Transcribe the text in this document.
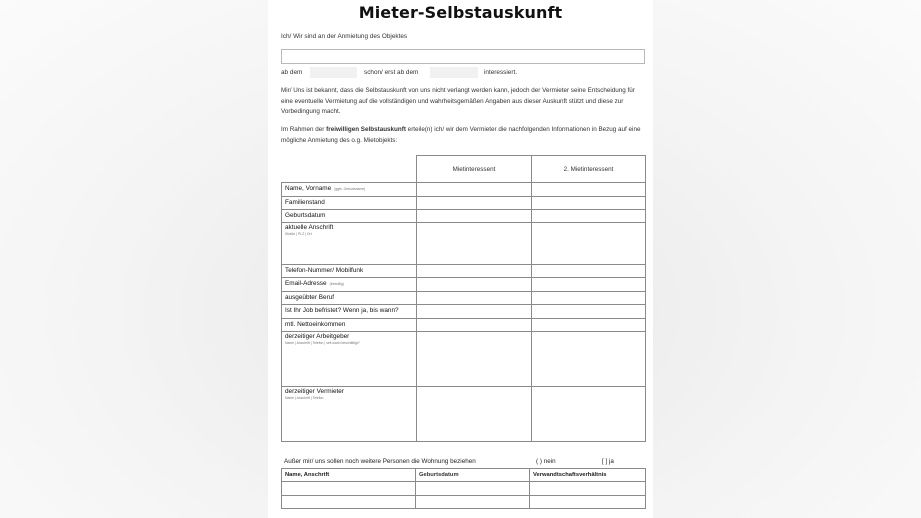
Mieter-Selbstauskunft
Ich/ Wir sind an der Anmietung des Objektes
ab dem	schon/ erst ab dem	interessiert.
Mir/ Uns ist bekannt, dass die Selbstauskunft von uns nicht verlangt werden kann, jedoch der Vermieter seine Entscheidung für eine eventuelle Vermietung auf die vollständigen und wahrheitsgemäßen Angaben aus dieser Auskunft stützt und diese zur Vorbedingung macht.
Im Rahmen der freiwilligen Selbstauskunft erteile(n) ich/ wir dem Vermieter die nachfolgenden Informationen in Bezug auf eine mögliche Anmietung des o.g. Mietobjekts:
	Mietinteressent	2. Mietinteressent

Name, Vorname (ggfs. Geburtsname)		

Familienstand		

Geburtsdatum		

aktuelle Anschrift
Straße | PLZ | Ort		

Telefon-Nummer/ Mobilfunk		

Email-Adresse (freiwillig)		

ausgeübter Beruf		

Ist Ihr Job befristet? Wenn ja, bis wann?		

mtl. Nettoeinkommen		

derzeitiger Arbeitgeber
Name | Anschrift | Telefon | seit wann beschäftigt?		

derzeitiger Vermieter
Name | Anschrift | Telefon		

Außer mir/ uns sollen noch weitere Personen die Wohnung beziehen	( ) nein	[ ] ja
Name, Anschrift	Geburtsdatum	Verwandtschaftsverhältnis
